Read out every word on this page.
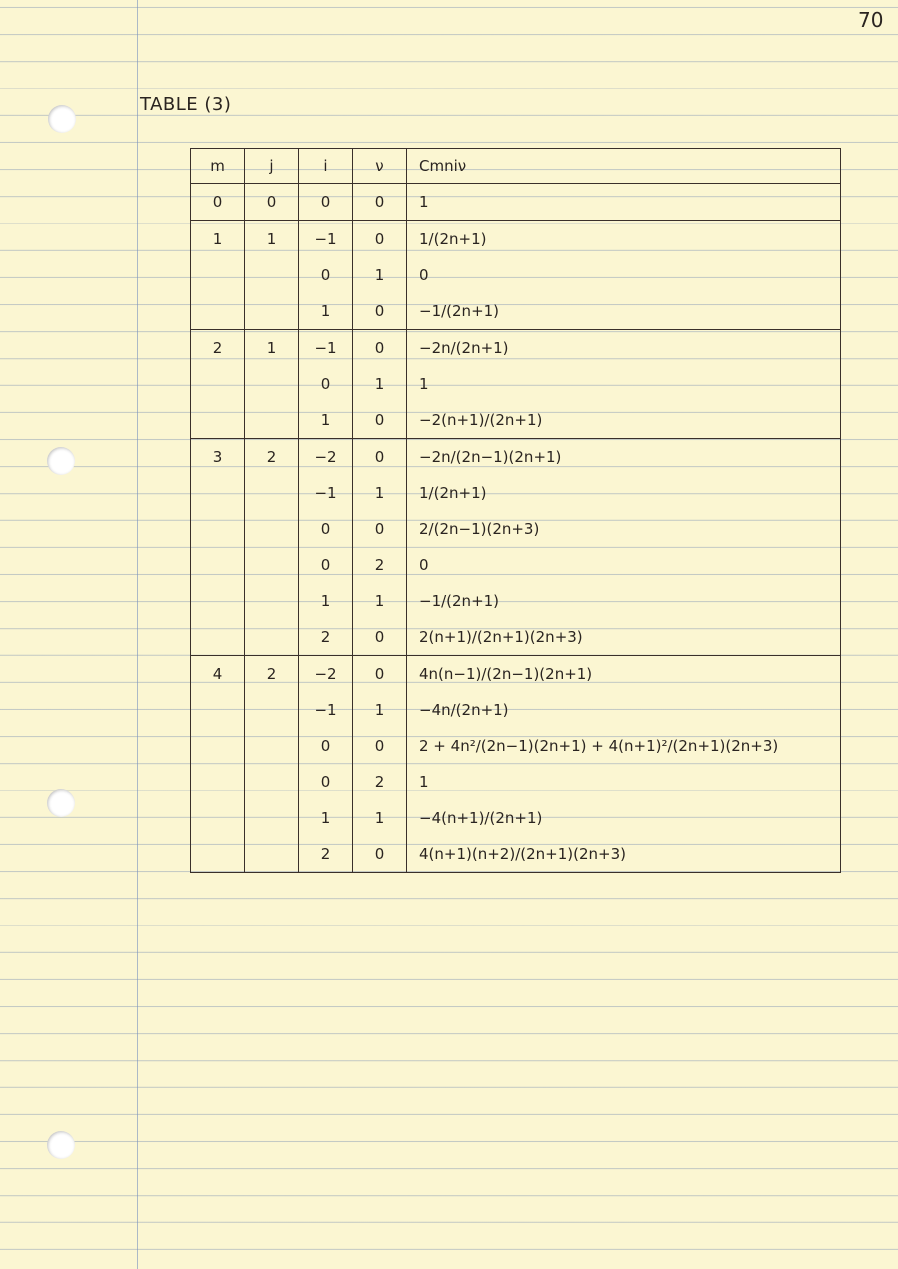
70
TABLE (3)
m	j	i	ν	Cmniν
0	0	0	0	1
1	1	−1	0	1/(2n+1)
		0	1	0
		1	0	−1/(2n+1)
2	1	−1	0	−2n/(2n+1)
		0	1	1
		1	0	−2(n+1)/(2n+1)
3	2	−2	0	−2n/(2n−1)(2n+1)
		−1	1	1/(2n+1)
		0	0	2/(2n−1)(2n+3)
		0	2	0
		1	1	−1/(2n+1)
		2	0	2(n+1)/(2n+1)(2n+3)
4	2	−2	0	4n(n−1)/(2n−1)(2n+1)
		−1	1	−4n/(2n+1)
		0	0	2 + 4n²/(2n−1)(2n+1) + 4(n+1)²/(2n+1)(2n+3)
		0	2	1
		1	1	−4(n+1)/(2n+1)
		2	0	4(n+1)(n+2)/(2n+1)(2n+3)
